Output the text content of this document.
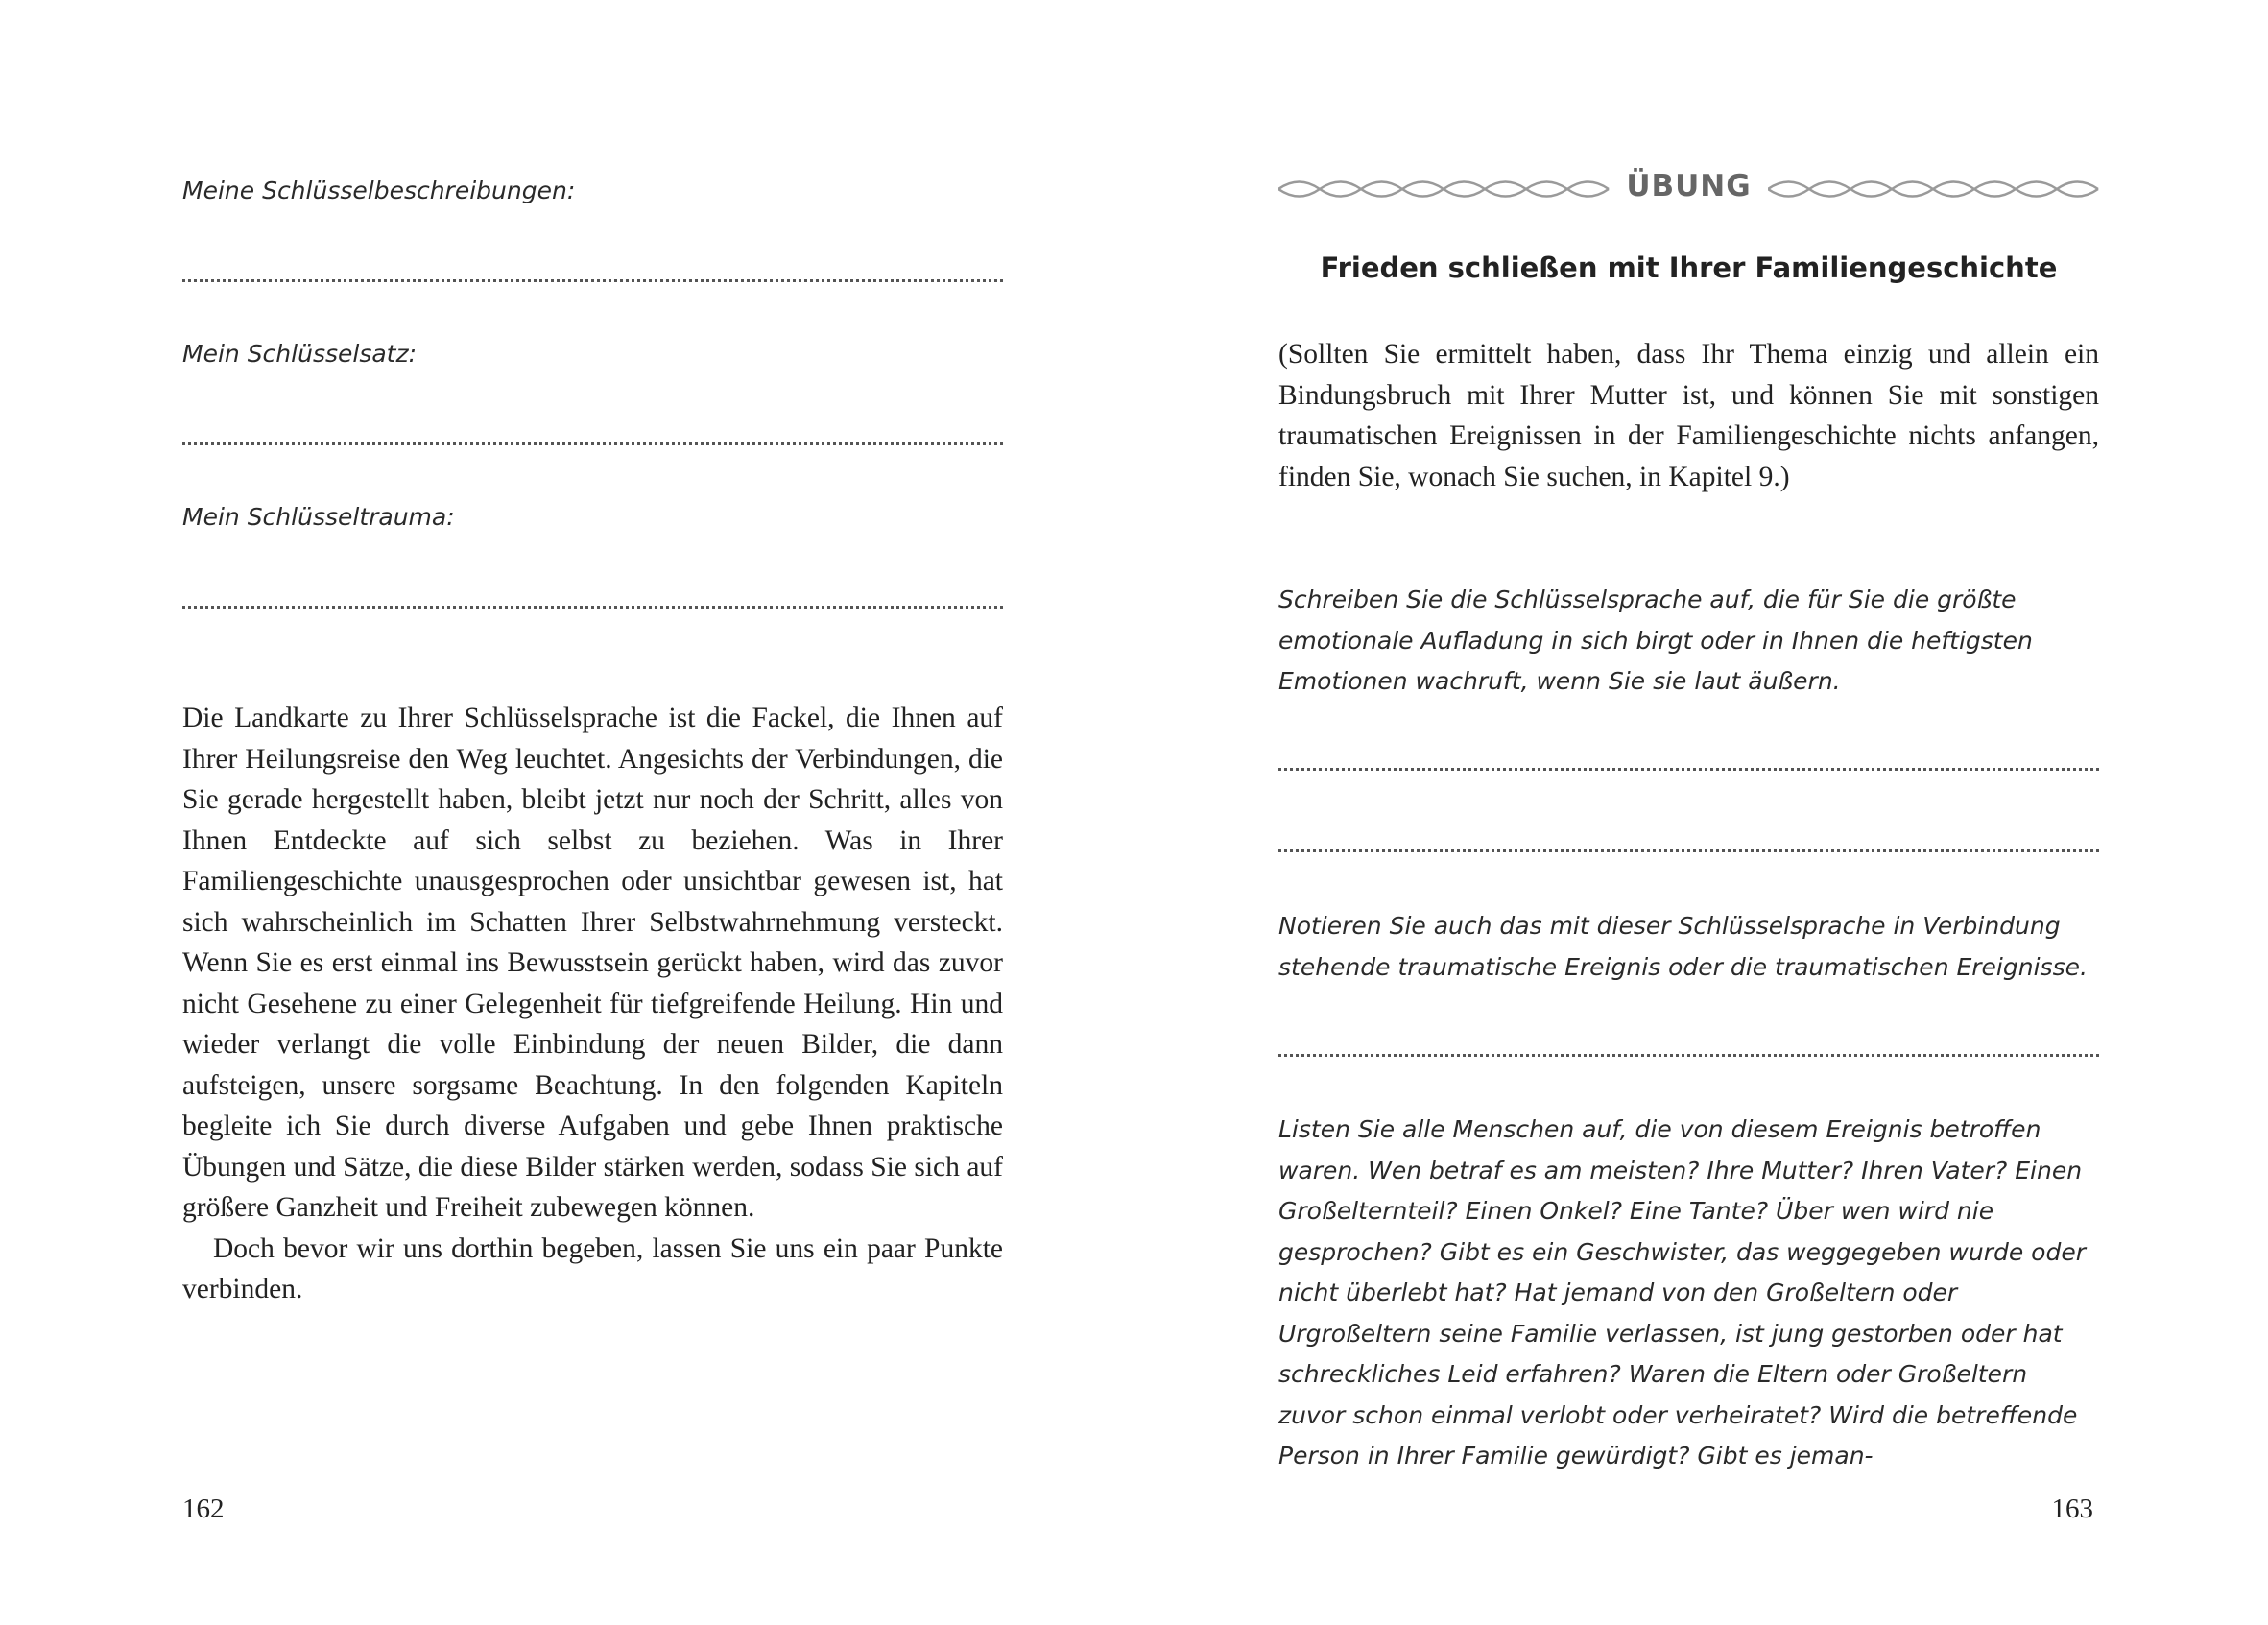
Meine Schlüsselbeschreibungen:

Mein Schlüsselsatz:

Mein Schlüsseltrauma:

Die Landkarte zu Ihrer Schlüsselsprache ist die Fackel, die Ihnen auf Ihrer Heilungsreise den Weg leuchtet. Angesichts der Verbindungen, die Sie gerade hergestellt haben, bleibt jetzt nur noch der Schritt, alles von Ihnen Entdeckte auf sich selbst zu beziehen. Was in Ihrer Familiengeschichte unausgesprochen oder unsichtbar gewesen ist, hat sich wahrscheinlich im Schatten Ihrer Selbstwahrnehmung versteckt. Wenn Sie es erst einmal ins Bewusstsein gerückt haben, wird das zuvor nicht Gesehene zu einer Gelegenheit für tiefgreifende Heilung. Hin und wieder verlangt die volle Einbindung der neuen Bilder, die dann aufsteigen, unsere sorgsame Beachtung. In den folgenden Kapiteln begleite ich Sie durch diverse Aufgaben und gebe Ihnen praktische Übungen und Sätze, die diese Bilder stärken werden, sodass Sie sich auf größere Ganzheit und Freiheit zubewegen können.

Doch bevor wir uns dorthin begeben, lassen Sie uns ein paar Punkte verbinden.

162
ÜBUNG
Frieden schließen mit Ihrer Familiengeschichte

(Sollten Sie ermittelt haben, dass Ihr Thema einzig und allein ein Bindungsbruch mit Ihrer Mutter ist, und können Sie mit sonstigen traumatischen Ereignissen in der Familiengeschichte nichts anfangen, finden Sie, wonach Sie suchen, in Kapitel 9.)

Schreiben Sie die Schlüsselsprache auf, die für Sie die größte emotionale Aufladung in sich birgt oder in Ihnen die heftigsten Emotionen wachruft, wenn Sie sie laut äußern.

Notieren Sie auch das mit dieser Schlüsselsprache in Verbindung stehende traumatische Ereignis oder die traumatischen Ereignisse.

Listen Sie alle Menschen auf, die von diesem Ereignis betroffen waren. Wen betraf es am meisten? Ihre Mutter? Ihren Vater? Einen Großelternteil? Einen Onkel? Eine Tante? Über wen wird nie gesprochen? Gibt es ein Geschwister, das weggegeben wurde oder nicht überlebt hat? Hat jemand von den Großeltern oder Urgroßeltern seine Familie verlassen, ist jung gestorben oder hat schreckliches Leid erfahren? Waren die Eltern oder Großeltern zuvor schon einmal verlobt oder verheiratet? Wird die betreffende Person in Ihrer Familie gewürdigt? Gibt es jeman-

163
